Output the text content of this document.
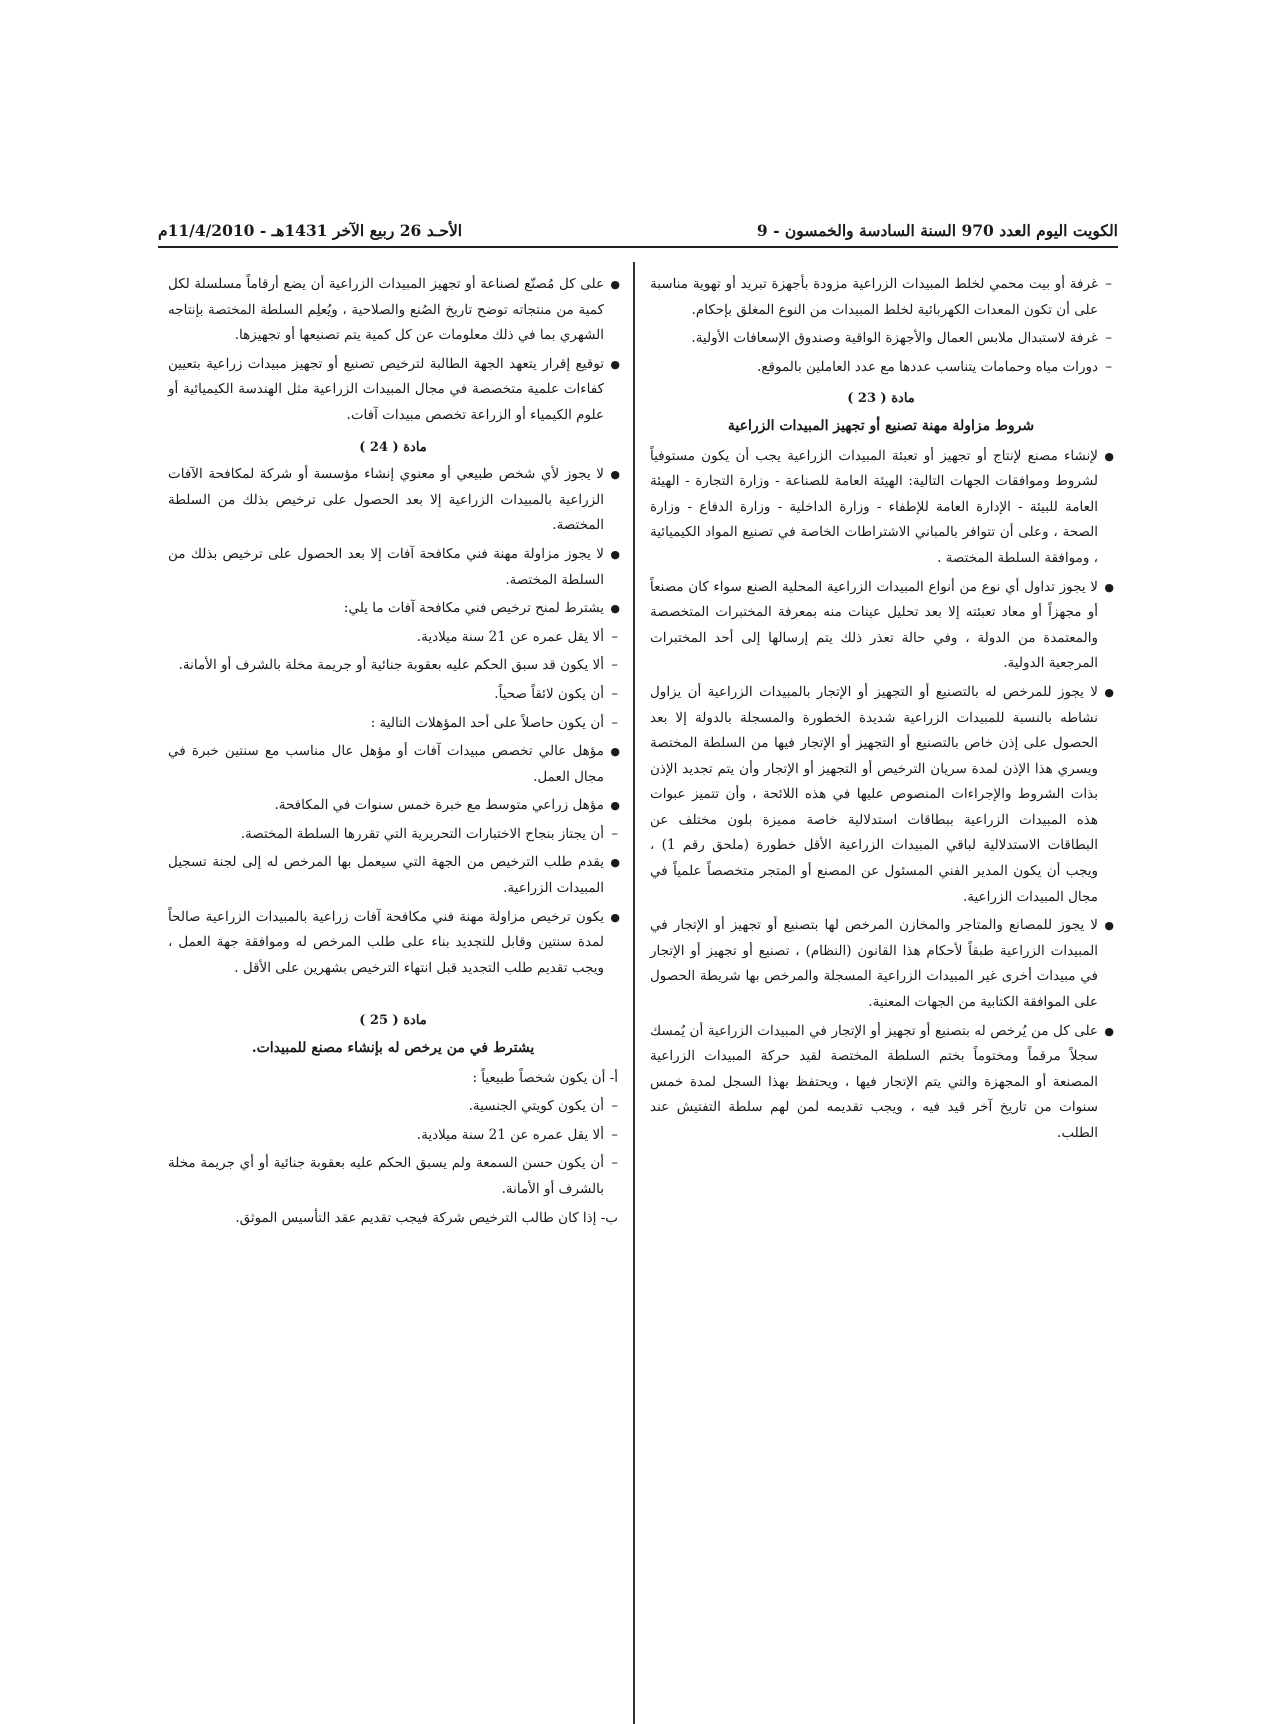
الكويت اليوم العدد 970 السنة السادسة والخمسون - 9
الأحـد 26 ربيع الآخر 1431هـ - 11/4/2010م
– غرفة أو بيت محمي لخلط المبيدات الزراعية مزودة بأجهزة تبريد أو تهوية مناسبة على أن تكون المعدات الكهربائية لخلط المبيدات من النوع المغلق بإحكام.
– غرفة لاستبدال ملابس العمال والأجهزة الواقية وصندوق الإسعافات الأولية.
– دورات مياه وحمامات يتناسب عددها مع عدد العاملين بالموقع.
مادة ( 23 )
شروط مزاولة مهنة تصنيع أو تجهيز المبيدات الزراعية
● لإنشاء مصنع لإنتاج أو تجهيز أو تعبئة المبيدات الزراعية يجب أن يكون مستوفياً لشروط وموافقات الجهات التالية: الهيئة العامة للصناعة - وزارة التجارة - الهيئة العامة للبيئة - الإدارة العامة للإطفاء - وزارة الداخلية - وزارة الدفاع - وزارة الصحة ، وعلى أن تتوافر بالمباني الاشتراطات الخاصة في تصنيع المواد الكيميائية ، وموافقة السلطة المختصة .
● لا يجوز تداول أي نوع من أنواع المبيدات الزراعية المحلية الصنع سواء كان مصنعاً أو مجهزاً أو معاد تعبئته إلا بعد تحليل عينات منه بمعرفة المختبرات المتخصصة والمعتمدة من الدولة ، وفي حالة تعذر ذلك يتم إرسالها إلى أحد المختبرات المرجعية الدولية.
● لا يجوز للمرخص له بالتصنيع أو التجهيز أو الإتجار بالمبيدات الزراعية أن يزاول نشاطه بالنسبة للمبيدات الزراعية شديدة الخطورة والمسجلة بالدولة إلا بعد الحصول على إذن خاص بالتصنيع أو التجهيز أو الإتجار فيها من السلطة المختصة ويسري هذا الإذن لمدة سريان الترخيص أو التجهيز أو الإتجار وأن يتم تجديد الإذن بذات الشروط والإجراءات المنصوص عليها في هذه اللائحة ، وأن تتميز عبوات هذه المبيدات الزراعية ببطاقات استدلالية خاصة مميزة بلون مختلف عن البطاقات الاستدلالية لباقي المبيدات الزراعية الأقل خطورة (ملحق رقم 1) ، ويجب أن يكون المدير الفني المسئول عن المصنع أو المتجر متخصصاً علمياً في مجال المبيدات الزراعية.
● لا يجوز للمصانع والمتاجر والمخازن المرخص لها بتصنيع أو تجهيز أو الإتجار في المبيدات الزراعية طبقاً لأحكام هذا القانون (النظام) ، تصنيع أو تجهيز أو الإتجار في مبيدات أخرى غير المبيدات الزراعية المسجلة والمرخص بها شريطة الحصول على الموافقة الكتابية من الجهات المعنية.
● على كل من يُرخص له بتصنيع أو تجهيز أو الإتجار في المبيدات الزراعية أن يُمسك سجلاً مرقماً ومختوماً بختم السلطة المختصة لقيد حركة المبيدات الزراعية المصنعة أو المجهزة والتي يتم الإتجار فيها ، ويحتفظ بهذا السجل لمدة خمس سنوات من تاريخ آخر قيد فيه ، ويجب تقديمه لمن لهم سلطة التفتيش عند الطلب.
● على كل مُصنّع لصناعة أو تجهيز المبيدات الزراعية أن يضع أرقاماً مسلسلة لكل كمية من منتجاته توضح تاريخ الصُنع والصلاحية ، ويُعلِم السلطة المختصة بإنتاجه الشهري بما في ذلك معلومات عن كل كمية يتم تصنيعها أو تجهيزها.
● توقيع إقرار يتعهد الجهة الطالبة لترخيص تصنيع أو تجهيز مبيدات زراعية بتعيين كفاءات علمية متخصصة في مجال المبيدات الزراعية مثل الهندسة الكيميائية أو علوم الكيمياء أو الزراعة تخصص مبيدات آفات.
مادة ( 24 )
● لا يجوز لأي شخص طبيعي أو معنوي إنشاء مؤسسة أو شركة لمكافحة الآفات الزراعية بالمبيدات الزراعية إلا بعد الحصول على ترخيص بذلك من السلطة المختصة.
● لا يجوز مزاولة مهنة فني مكافحة آفات إلا بعد الحصول على ترخيص بذلك من السلطة المختصة.
● يشترط لمنح ترخيص فني مكافحة آفات ما يلي:
– ألا يقل عمره عن 21 سنة ميلادية.
– ألا يكون قد سبق الحكم عليه بعقوبة جنائية أو جريمة مخلة بالشرف أو الأمانة.
– أن يكون لائقاً صحياً.
– أن يكون حاصلاً على أحد المؤهلات التالية :
● مؤهل عالي تخصص مبيدات آفات أو مؤهل عال مناسب مع سنتين خبرة في مجال العمل.
● مؤهل زراعي متوسط مع خبرة خمس سنوات في المكافحة.
– أن يجتاز بنجاح الاختبارات التحريرية التي تقررها السلطة المختصة.
● يقدم طلب الترخيص من الجهة التي سيعمل بها المرخص له إلى لجنة تسجيل المبيدات الزراعية.
● يكون ترخيص مزاولة مهنة فني مكافحة آفات زراعية بالمبيدات الزراعية صالحاً لمدة سنتين وقابل للتجديد بناء على طلب المرخص له وموافقة جهة العمل ، ويجب تقديم طلب التجديد قبل انتهاء الترخيص بشهرين على الأقل .
مادة ( 25 )
يشترط في من يرخص له بإنشاء مصنع للمبيدات.
أ- أن يكون شخصاً طبيعياً :
– أن يكون كويتي الجنسية.
– ألا يقل عمره عن 21 سنة ميلادية.
– أن يكون حسن السمعة ولم يسبق الحكم عليه بعقوبة جنائية أو أي جريمة مخلة بالشرف أو الأمانة.
ب- إذا كان طالب الترخيص شركة فيجب تقديم عقد التأسيس الموثق.
